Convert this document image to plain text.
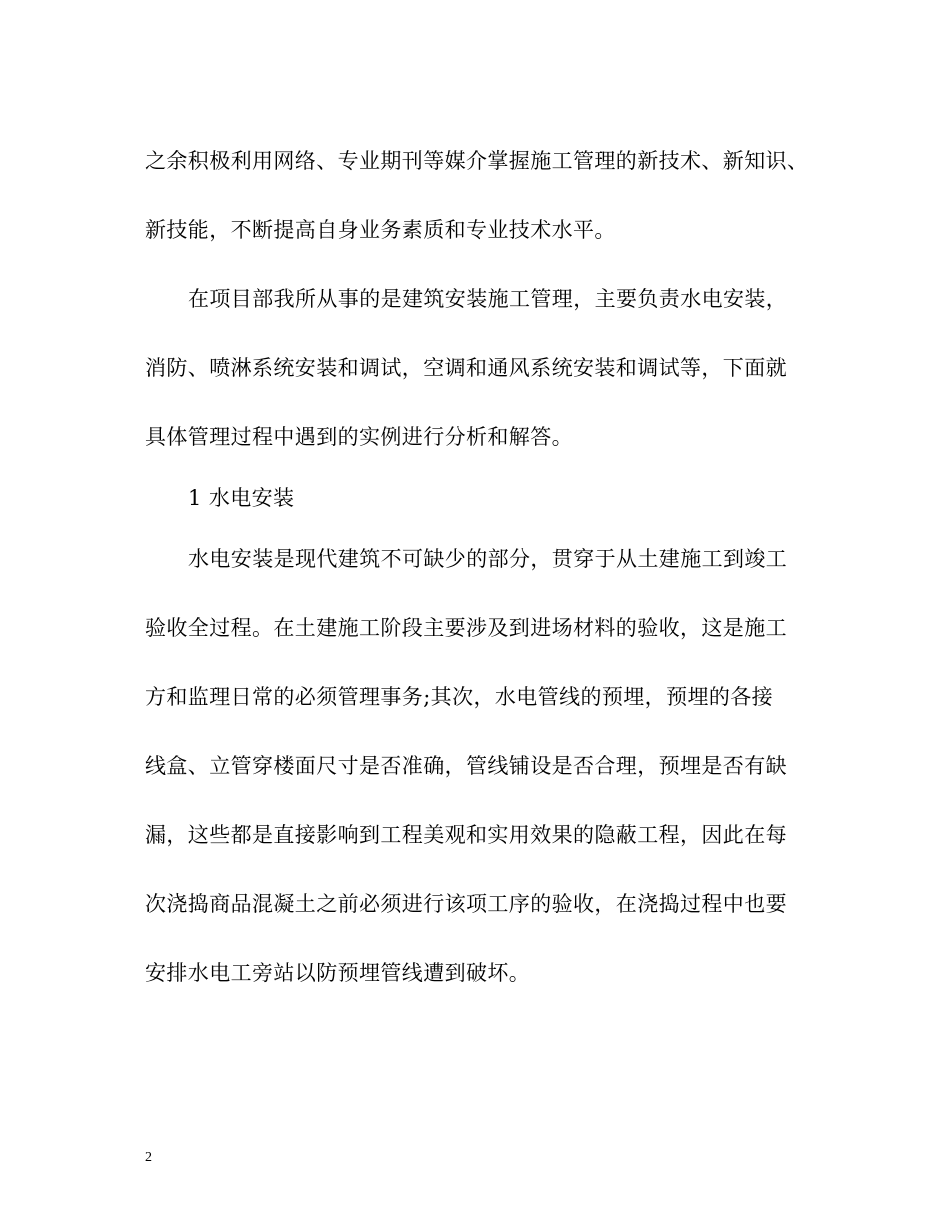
之余积极利用网络、专业期刊等媒介掌握施工管理的新技术、新知识、
新技能，不断提高自身业务素质和专业技术水平。
在项目部我所从事的是建筑安装施工管理，主要负责水电安装，
消防、喷淋系统安装和调试，空调和通风系统安装和调试等，下面就
具体管理过程中遇到的实例进行分析和解答。
1 水电安装
水电安装是现代建筑不可缺少的部分，贯穿于从土建施工到竣工
验收全过程。在土建施工阶段主要涉及到进场材料的验收，这是施工
方和监理日常的必须管理事务;其次，水电管线的预埋，预埋的各接
线盒、立管穿楼面尺寸是否准确，管线铺设是否合理，预埋是否有缺
漏，这些都是直接影响到工程美观和实用效果的隐蔽工程，因此在每
次浇捣商品混凝土之前必须进行该项工序的验收，在浇捣过程中也要
安排水电工旁站以防预埋管线遭到破坏。
2
